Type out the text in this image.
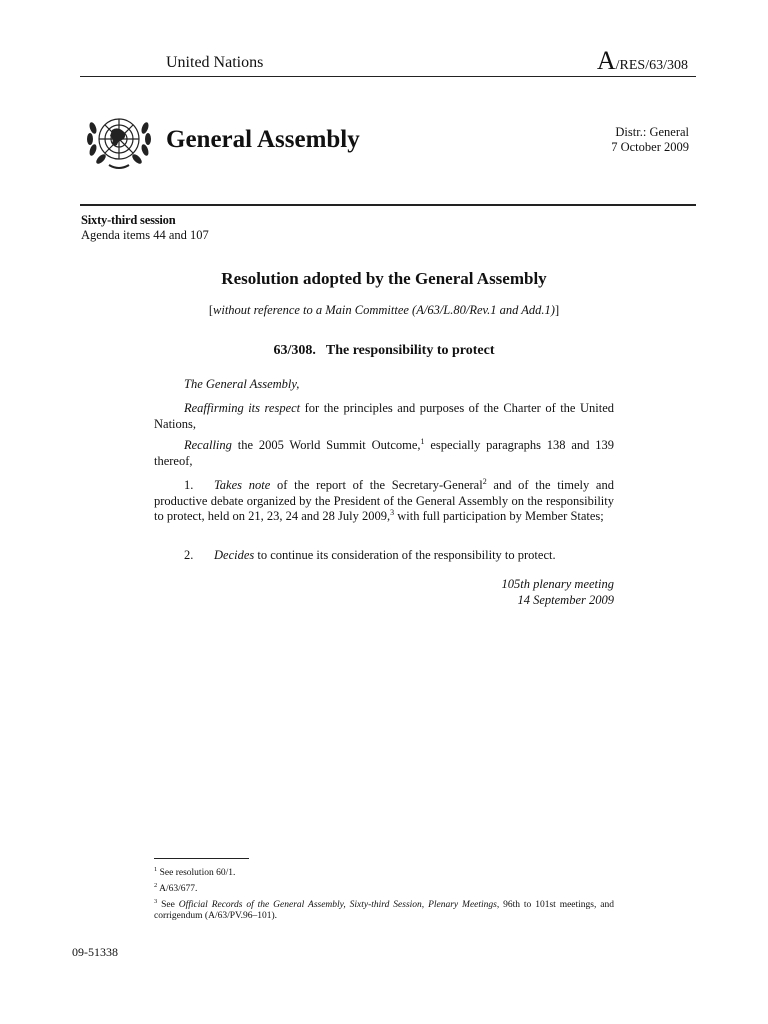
United Nations	A/RES/63/308
General Assembly	Distr.: General
7 October 2009
Sixty-third session
Agenda items 44 and 107
Resolution adopted by the General Assembly
[without reference to a Main Committee (A/63/L.80/Rev.1 and Add.1)]
63/308. The responsibility to protect
The General Assembly,
Reaffirming its respect for the principles and purposes of the Charter of the United Nations,
Recalling the 2005 World Summit Outcome,$^1$ especially paragraphs 138 and 139 thereof,
1. Takes note of the report of the Secretary-General$^2$ and of the timely and productive debate organized by the President of the General Assembly on the responsibility to protect, held on 21, 23, 24 and 28 July 2009,$^3$ with full participation by Member States;
2. Decides to continue its consideration of the responsibility to protect.
105th plenary meeting
14 September 2009
$^1$ See resolution 60/1.
$^2$ A/63/677.
$^3$ See Official Records of the General Assembly, Sixty-third Session, Plenary Meetings, 96th to 101st meetings, and corrigendum (A/63/PV.96–101).
09-51338
